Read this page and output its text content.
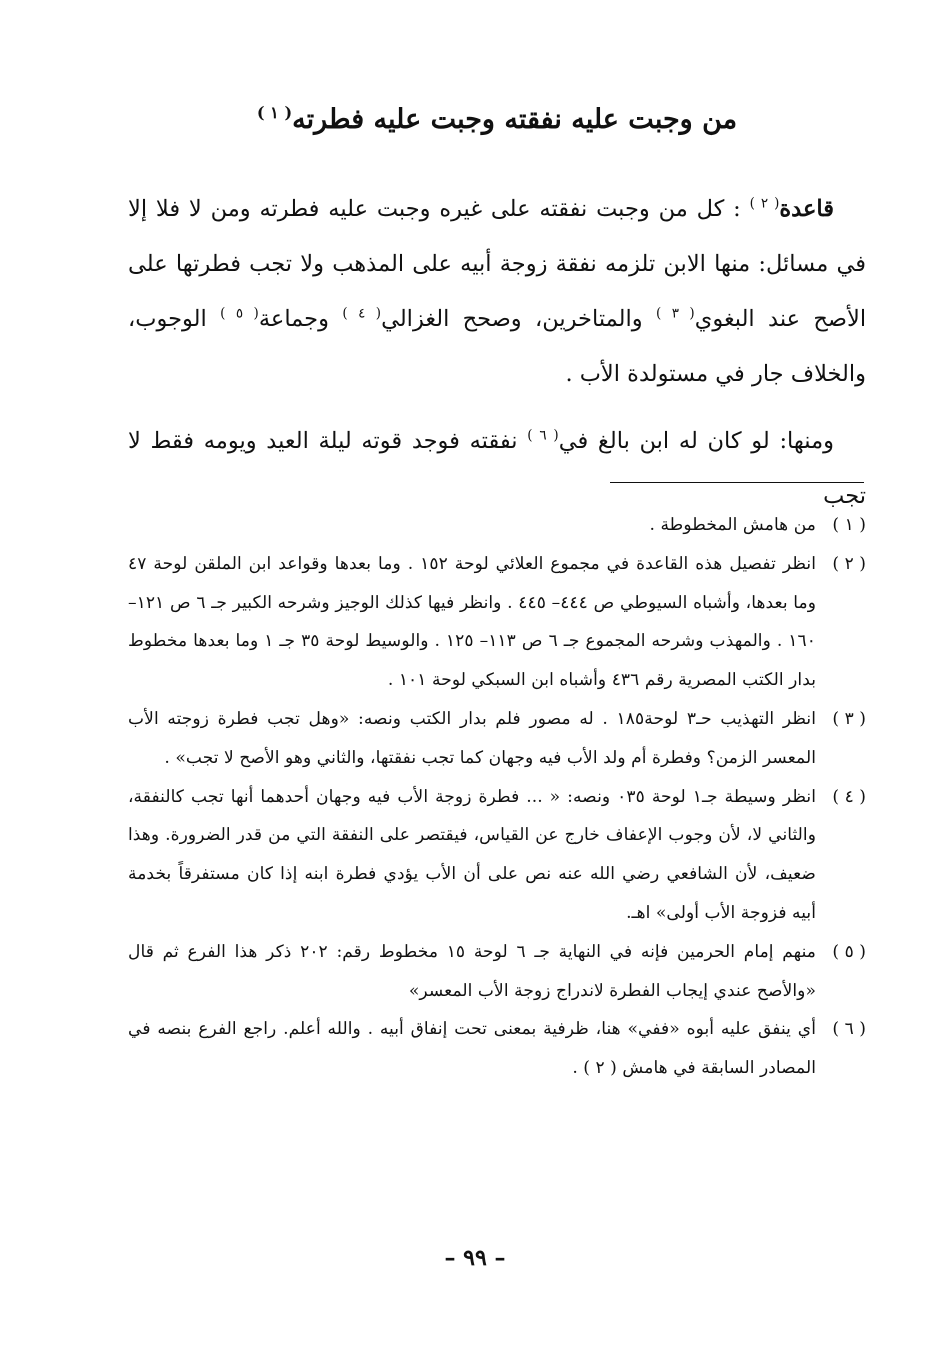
من وجبت عليه نفقته وجبت عليه فطرته$^{( ١ )}$

قاعدة$^{( ٢ )}$ : كل من وجبت نفقته على غيره وجبت عليه فطرته ومن لا فلا إلا في مسائل: منها الابن تلزمه نفقة زوجة أبيه على المذهب ولا تجب فطرتها على الأصح عند البغوي$^{( ٣ )}$ والمتاخرين، وصحح الغزالي$^{( ٤ )}$ وجماعة$^{( ٥ )}$ الوجوب، والخلاف جار في مستولدة الأب .

ومنها: لو كان له ابن بالغ في$^{( ٦ )}$ نفقته فوجد قوته ليلة العيد ويومه فقط لا تجب

( ١ )
من هامش المخطوطة .
( ٢ )
انظر تفصيل هذه القاعدة في مجموع العلائي لوحة ١٥٢ . وما بعدها وقواعد ابن الملقن لوحة ٤٧ وما بعدها، وأشباه السيوطي ص ٤٤٤– ٤٤٥ . وانظر فيها كذلك الوجيز وشرحه الكبير جـ ٦ ص ١٢١– ١٦٠ . والمهذب وشرحه المجموع جـ ٦ ص ١١٣– ١٢٥ . والوسيط لوحة ٣٥ جـ ١ وما بعدها مخطوط بدار الكتب المصرية رقم ٤٣٦ وأشباه ابن السبكي لوحة ١٠١ .
( ٣ )
انظر التهذيب حـ٣ لوحة١٨٥ . له مصور فلم بدار الكتب ونصه: «وهل تجب فطرة زوجته الأب المعسر الزمن؟ وفطرة أم ولد الأب فيه وجهان كما تجب نفقتها، والثاني وهو الأصح لا تجب» .
( ٤ )
انظر وسيطة جـ١ لوحة ٠٣٥ ونصه: « ... فطرة زوجة الأب فيه وجهان أحدهما أنها تجب كالنفقة، والثاني لا، لأن وجوب الإعفاف خارج عن القياس، فيقتصر على النفقة التي من قدر الضرورة. وهذا ضعيف، لأن الشافعي رضي الله عنه نص على أن الأب يؤدي فطرة ابنه إذا كان مستفرقاً بخدمة أبيه فزوجة الأب أولى» اهـ.
( ٥ )
منهم إمام الحرمين فإنه في النهاية جـ ٦ لوحة ١٥ مخطوط رقم: ٢٠٢ ذكر هذا الفرع ثم قال «والأصح عندي إيجاب الفطرة لاندراج زوجة الأب المعسر»
( ٦ )
أي ينفق عليه أبوه «ففي» هنا، ظرفية بمعنى تحت إنفاق أبيه . والله أعلم. راجع الفرع بنصه في المصادر السابقة في هامش ( ٢ ) .
– ٩٩ –
